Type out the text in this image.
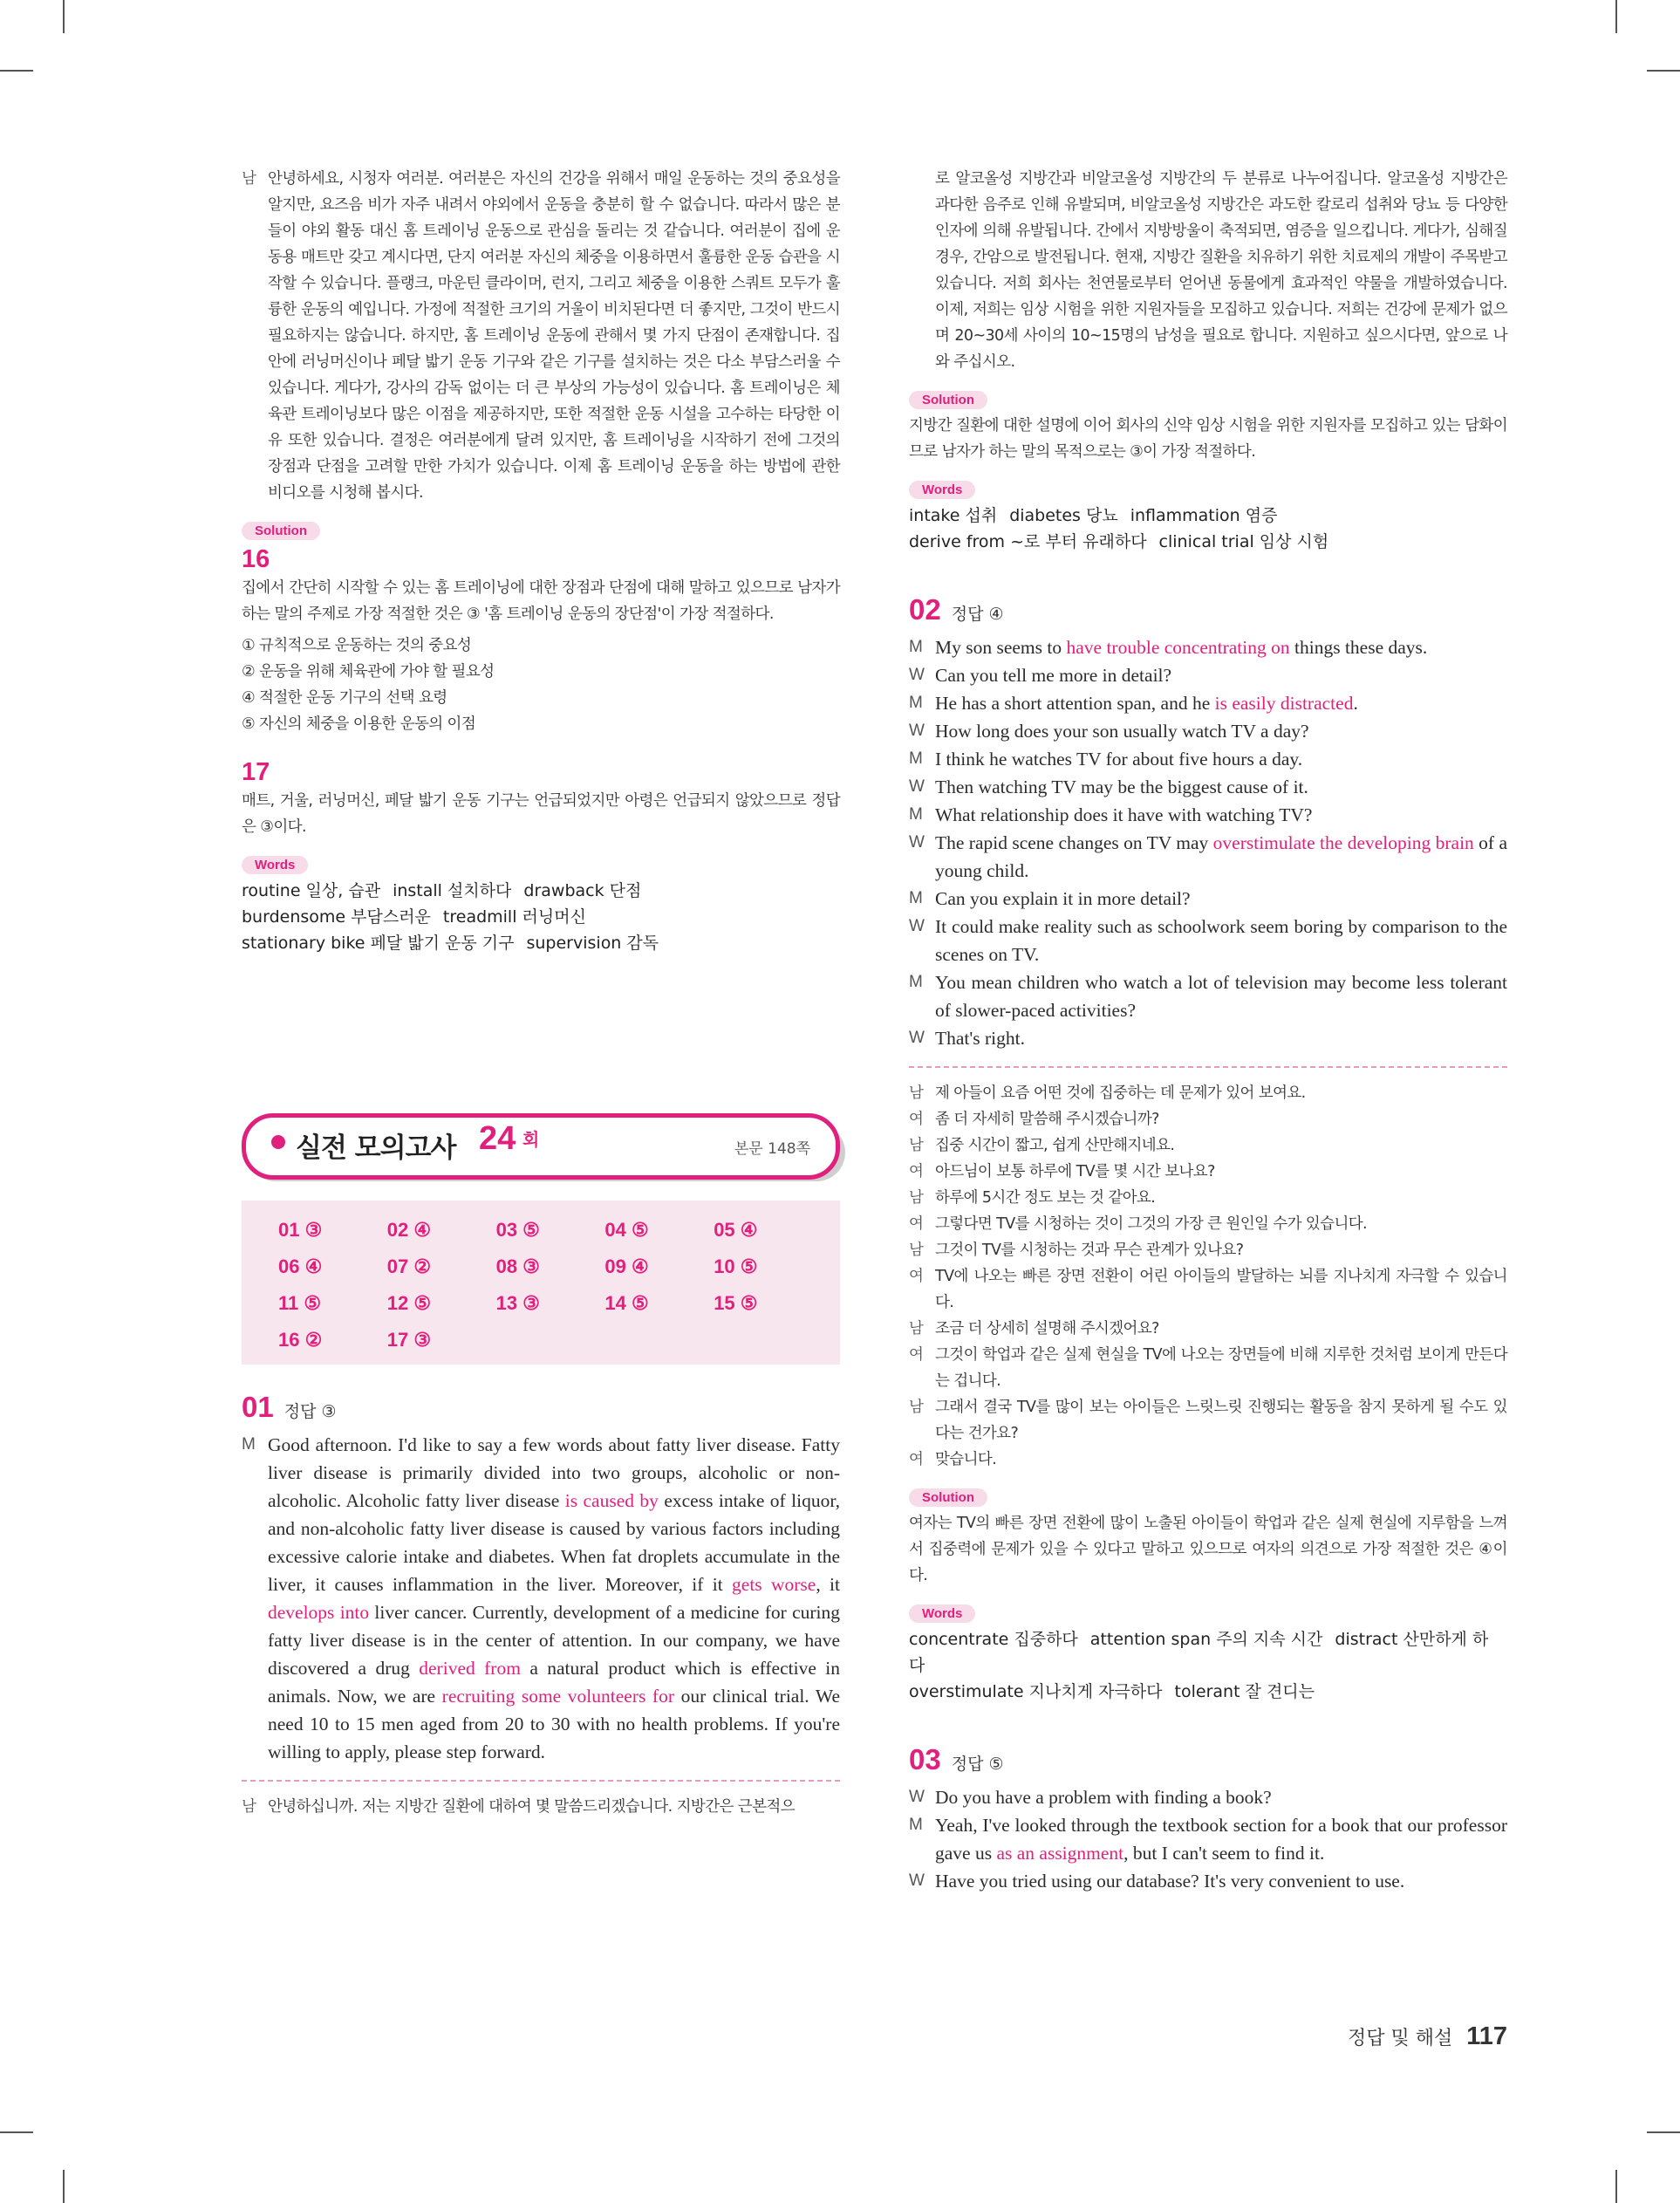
남 안녕하세요, 시청자 여러분. 여러분은 자신의 건강을 위해서 매일 운동하는 것의 중요성을 알지만, 요즈음 비가 자주 내려서 야외에서 운동을 충분히 할 수 없습니다. 따라서 많은 분들이 야외 활동 대신 홈 트레이닝 운동으로 관심을 돌리는 것 같습니다. 여러분이 집에 운동용 매트만 갖고 계시다면, 단지 여러분 자신의 체중을 이용하면서 훌륭한 운동 습관을 시작할 수 있습니다. 플랭크, 마운틴 클라이머, 런지, 그리고 체중을 이용한 스쿼트 모두가 훌륭한 운동의 예입니다. 가정에 적절한 크기의 거울이 비치된다면 더 좋지만, 그것이 반드시 필요하지는 않습니다. 하지만, 홈 트레이닝 운동에 관해서 몇 가지 단점이 존재합니다. 집안에 러닝머신이나 페달 밟기 운동 기구와 같은 기구를 설치하는 것은 다소 부담스러울 수 있습니다. 게다가, 강사의 감독 없이는 더 큰 부상의 가능성이 있습니다. 홈 트레이닝은 체육관 트레이닝보다 많은 이점을 제공하지만, 또한 적절한 운동 시설을 고수하는 타당한 이유 또한 있습니다. 결정은 여러분에게 달려 있지만, 홈 트레이닝을 시작하기 전에 그것의 장점과 단점을 고려할 만한 가치가 있습니다. 이제 홈 트레이닝 운동을 하는 방법에 관한 비디오를 시청해 봅시다.
Solution
16
집에서 간단히 시작할 수 있는 홈 트레이닝에 대한 장점과 단점에 대해 말하고 있으므로 남자가 하는 말의 주제로 가장 적절한 것은 ③ '홈 트레이닝 운동의 장단점'이 가장 적절하다.
① 규칙적으로 운동하는 것의 중요성
② 운동을 위해 체육관에 가야 할 필요성
④ 적절한 운동 기구의 선택 요령
⑤ 자신의 체중을 이용한 운동의 이점
17
매트, 거울, 러닝머신, 페달 밟기 운동 기구는 언급되었지만 아령은 언급되지 않았으므로 정답은 ③이다.
Words
routine 일상, 습관 install 설치하다 drawback 단점
burdensome 부담스러운 treadmill 러닝머신
stationary bike 페달 밟기 운동 기구 supervision 감독
실전 모의고사 24 회	본문 148쪽
01 ③	02 ④	03 ⑤	04 ⑤	05 ④
06 ④	07 ②	08 ③	09 ④	10 ⑤
11 ⑤	12 ⑤	13 ③	14 ⑤	15 ⑤
16 ②	17 ③
01 정답 ③
M Good afternoon. I'd like to say a few words about fatty liver disease. Fatty liver disease is primarily divided into two groups, alcoholic or non-alcoholic. Alcoholic fatty liver disease is caused by excess intake of liquor, and non-alcoholic fatty liver disease is caused by various factors including excessive calorie intake and diabetes. When fat droplets accumulate in the liver, it causes inflammation in the liver. Moreover, if it gets worse, it develops into liver cancer. Currently, development of a medicine for curing fatty liver disease is in the center of attention. In our company, we have discovered a drug derived from a natural product which is effective in animals. Now, we are recruiting some volunteers for our clinical trial. We need 10 to 15 men aged from 20 to 30 with no health problems. If you're willing to apply, please step forward.
남 안녕하십니까. 저는 지방간 질환에 대하여 몇 말씀드리겠습니다. 지방간은 근본적으
로 알코올성 지방간과 비알코올성 지방간의 두 분류로 나누어집니다. 알코올성 지방간은 과다한 음주로 인해 유발되며, 비알코올성 지방간은 과도한 칼로리 섭취와 당뇨 등 다양한 인자에 의해 유발됩니다. 간에서 지방방울이 축적되면, 염증을 일으킵니다. 게다가, 심해질 경우, 간암으로 발전됩니다. 현재, 지방간 질환을 치유하기 위한 치료제의 개발이 주목받고 있습니다. 저희 회사는 천연물로부터 얻어낸 동물에게 효과적인 약물을 개발하였습니다. 이제, 저희는 임상 시험을 위한 지원자들을 모집하고 있습니다. 저희는 건강에 문제가 없으며 20~30세 사이의 10~15명의 남성을 필요로 합니다. 지원하고 싶으시다면, 앞으로 나와 주십시오.
Solution
지방간 질환에 대한 설명에 이어 회사의 신약 임상 시험을 위한 지원자를 모집하고 있는 담화이므로 남자가 하는 말의 목적으로는 ③이 가장 적절하다.
Words
intake 섭취 diabetes 당뇨 inflammation 염증
derive from ~로 부터 유래하다 clinical trial 임상 시험
02 정답 ④
M My son seems to have trouble concentrating on things these days.
W Can you tell me more in detail?
M He has a short attention span, and he is easily distracted.
W How long does your son usually watch TV a day?
M I think he watches TV for about five hours a day.
W Then watching TV may be the biggest cause of it.
M What relationship does it have with watching TV?
W The rapid scene changes on TV may overstimulate the developing brain of a young child.
M Can you explain it in more detail?
W It could make reality such as schoolwork seem boring by comparison to the scenes on TV.
M You mean children who watch a lot of television may become less tolerant of slower-paced activities?
W That's right.
남 제 아들이 요즘 어떤 것에 집중하는 데 문제가 있어 보여요.
여 좀 더 자세히 말씀해 주시겠습니까?
남 집중 시간이 짧고, 쉽게 산만해지네요.
여 아드님이 보통 하루에 TV를 몇 시간 보나요?
남 하루에 5시간 정도 보는 것 같아요.
여 그렇다면 TV를 시청하는 것이 그것의 가장 큰 원인일 수가 있습니다.
남 그것이 TV를 시청하는 것과 무슨 관계가 있나요?
여 TV에 나오는 빠른 장면 전환이 어린 아이들의 발달하는 뇌를 지나치게 자극할 수 있습니다.
남 조금 더 상세히 설명해 주시겠어요?
여 그것이 학업과 같은 실제 현실을 TV에 나오는 장면들에 비해 지루한 것처럼 보이게 만든다는 겁니다.
남 그래서 결국 TV를 많이 보는 아이들은 느릿느릿 진행되는 활동을 참지 못하게 될 수도 있다는 건가요?
여 맞습니다.
Solution
여자는 TV의 빠른 장면 전환에 많이 노출된 아이들이 학업과 같은 실제 현실에 지루함을 느껴서 집중력에 문제가 있을 수 있다고 말하고 있으므로 여자의 의견으로 가장 적절한 것은 ④이다.
Words
concentrate 집중하다 attention span 주의 지속 시간 distract 산만하게 하다
overstimulate 지나치게 자극하다 tolerant 잘 견디는
03 정답 ⑤
W Do you have a problem with finding a book?
M Yeah, I've looked through the textbook section for a book that our professor gave us as an assignment, but I can't seem to find it.
W Have you tried using our database? It's very convenient to use.
정답 및 해설 117
